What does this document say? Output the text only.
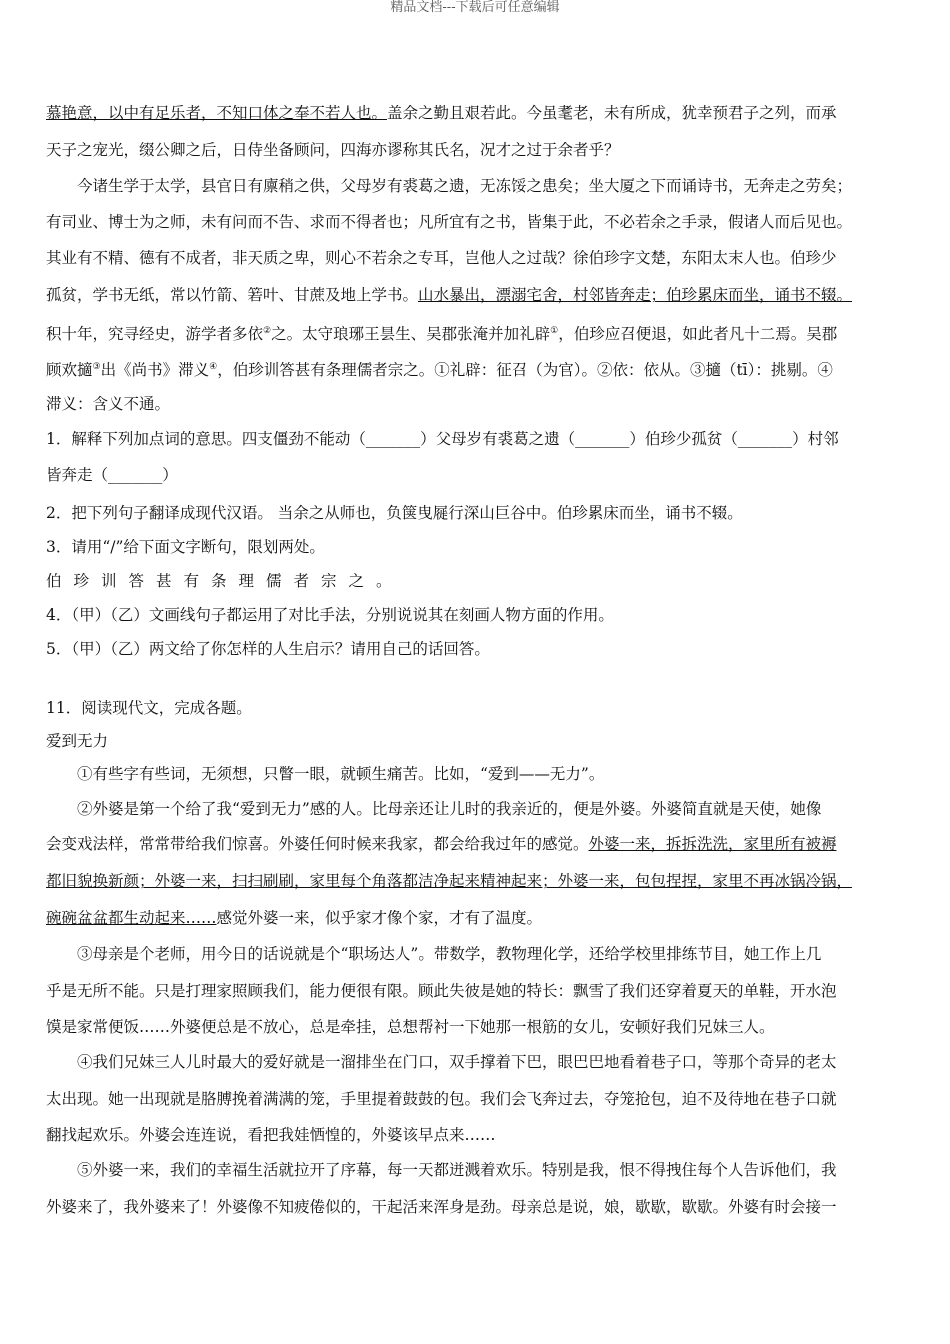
精品文档---下载后可任意编辑
慕艳意，以中有足乐者，不知口体之奉不若人也。盖余之勤且艰若此。今虽耄老，未有所成，犹幸预君子之列，而承
天子之宠光，缀公卿之后，日侍坐备顾问，四海亦谬称其氏名，况才之过于余者乎？
　　今诸生学于太学，县官日有廪稍之供，父母岁有裘葛之遗，无冻馁之患矣；坐大厦之下而诵诗书，无奔走之劳矣；
有司业、博士为之师，未有问而不告、求而不得者也；凡所宜有之书，皆集于此，不必若余之手录，假诸人而后见也。
其业有不精、德有不成者，非天质之卑，则心不若余之专耳，岂他人之过哉？徐伯珍字文楚，东阳太末人也。伯珍少
孤贫，学书无纸，常以竹箭、箬叶、甘蔗及地上学书。山水暴出，漂溺宅舍，村邻皆奔走；伯珍累床而坐，诵书不辍。
积十年，究寻经史，游学者多依②之。太守琅琊王昙生、吴郡张淹并加礼辟①，伯珍应召便退，如此者凡十二焉。吴郡
顾欢擿③出《尚书》滞义④，伯珍训答甚有条理儒者宗之。①礼辟：征召（为官）。②依：依从。③擿（tī）：挑剔。④
滞义：含义不通。
1．解释下列加点词的意思。四支僵劲不能动（_______）父母岁有裘葛之遗（_______）伯珍少孤贫（_______）村邻
皆奔走（_______）
2．把下列句子翻译成现代汉语。 当余之从师也，负箧曳屣行深山巨谷中。伯珍累床而坐，诵书不辍。
3．请用“/”给下面文字断句，限划两处。
伯珍训答甚有条理儒者宗之。
4．（甲）（乙）文画线句子都运用了对比手法，分别说说其在刻画人物方面的作用。
5．（甲）（乙）两文给了你怎样的人生启示？请用自己的话回答。
11．阅读现代文，完成各题。
爱到无力
　　①有些字有些词，无须想，只瞥一眼，就顿生痛苦。比如，“爱到——无力”。
　　②外婆是第一个给了我“爱到无力”感的人。比母亲还让儿时的我亲近的，便是外婆。外婆简直就是天使，她像
会变戏法样，常常带给我们惊喜。外婆任何时候来我家，都会给我过年的感觉。外婆一来，拆拆洗洗，家里所有被褥
都旧貌换新颜；外婆一来，扫扫刷刷，家里每个角落都洁净起来精神起来；外婆一来，包包捏捏，家里不再冰锅冷锅，
碗碗盆盆都生动起来……感觉外婆一来，似乎家才像个家，才有了温度。
　　③母亲是个老师，用今日的话说就是个“职场达人”。带数学，教物理化学，还给学校里排练节目，她工作上几
乎是无所不能。只是打理家照顾我们，能力便很有限。顾此失彼是她的特长：飘雪了我们还穿着夏天的单鞋，开水泡
馍是家常便饭……外婆便总是不放心，总是牵挂，总想帮衬一下她那一根筋的女儿，安顿好我们兄妹三人。
　　④我们兄妹三人儿时最大的爱好就是一溜排坐在门口，双手撑着下巴，眼巴巴地看着巷子口，等那个奇异的老太
太出现。她一出现就是胳膊挽着满满的笼，手里提着鼓鼓的包。我们会飞奔过去，夺笼抢包，迫不及待地在巷子口就
翻找起欢乐。外婆会连连说，看把我娃恓惶的，外婆该早点来……
　　⑤外婆一来，我们的幸福生活就拉开了序幕，每一天都迸溅着欢乐。特别是我，恨不得拽住每个人告诉他们，我
外婆来了，我外婆来了！外婆像不知疲倦似的，干起活来浑身是劲。母亲总是说，娘，歇歇，歇歇。外婆有时会接一
